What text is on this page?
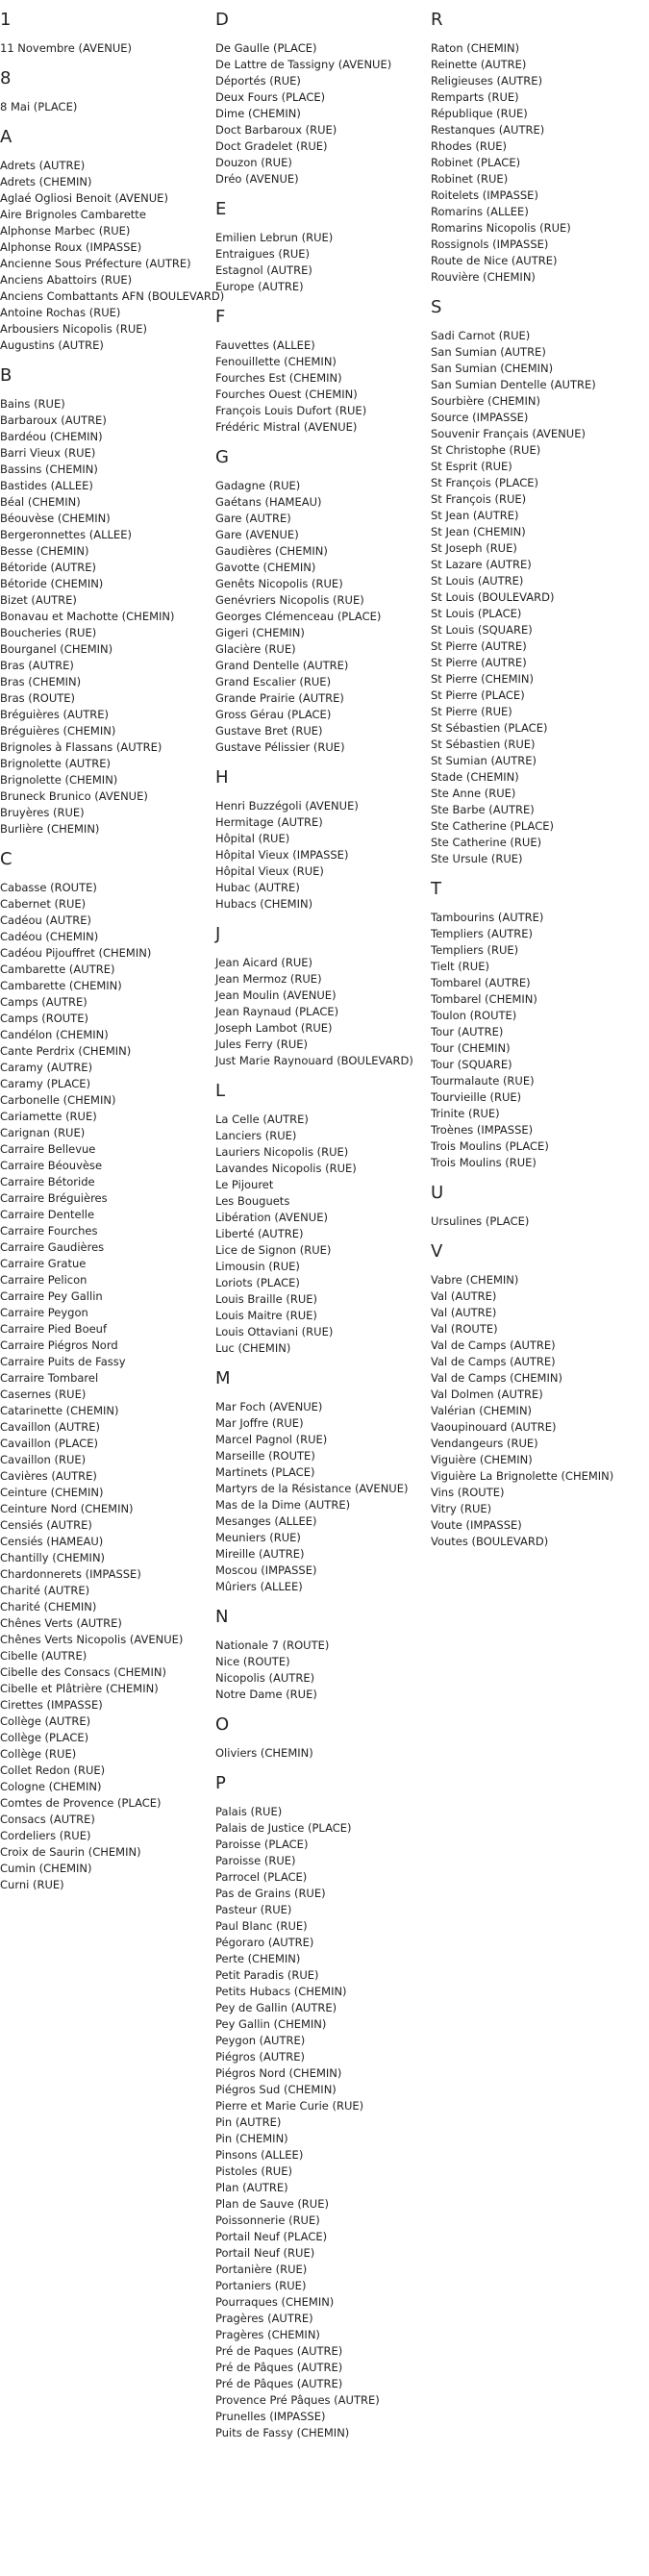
1
11 Novembre (AVENUE)
8
8 Mai (PLACE)
A
Adrets (AUTRE)
Adrets (CHEMIN)
Aglaé Ogliosi Benoit (AVENUE)
Aire Brignoles Cambarette
Alphonse Marbec (RUE)
Alphonse Roux (IMPASSE)
Ancienne Sous Préfecture (AUTRE)
Anciens Abattoirs (RUE)
Anciens Combattants AFN (BOULEVARD)
Antoine Rochas (RUE)
Arbousiers Nicopolis (RUE)
Augustins (AUTRE)
B
Bains (RUE)
Barbaroux (AUTRE)
Bardéou (CHEMIN)
Barri Vieux (RUE)
Bassins (CHEMIN)
Bastides (ALLEE)
Béal (CHEMIN)
Béouvèse (CHEMIN)
Bergeronnettes (ALLEE)
Besse (CHEMIN)
Bétoride (AUTRE)
Bétoride (CHEMIN)
Bizet (AUTRE)
Bonavau et Machotte (CHEMIN)
Boucheries (RUE)
Bourganel (CHEMIN)
Bras (AUTRE)
Bras (CHEMIN)
Bras (ROUTE)
Bréguières (AUTRE)
Bréguières (CHEMIN)
Brignoles à Flassans (AUTRE)
Brignolette (AUTRE)
Brignolette (CHEMIN)
Bruneck Brunico (AVENUE)
Bruyères (RUE)
Burlière (CHEMIN)
C
Cabasse (ROUTE)
Cabernet (RUE)
Cadéou (AUTRE)
Cadéou (CHEMIN)
Cadéou Pijouffret (CHEMIN)
Cambarette (AUTRE)
Cambarette (CHEMIN)
Camps (AUTRE)
Camps (ROUTE)
Candélon (CHEMIN)
Cante Perdrix (CHEMIN)
Caramy (AUTRE)
Caramy (PLACE)
Carbonelle (CHEMIN)
Cariamette (RUE)
Carignan (RUE)
Carraire Bellevue
Carraire Béouvèse
Carraire Bétoride
Carraire Bréguières
Carraire Dentelle
Carraire Fourches
Carraire Gaudières
Carraire Gratue
Carraire Pelicon
Carraire Pey Gallin
Carraire Peygon
Carraire Pied Boeuf
Carraire Piégros Nord
Carraire Puits de Fassy
Carraire Tombarel
Casernes (RUE)
Catarinette (CHEMIN)
Cavaillon (AUTRE)
Cavaillon (PLACE)
Cavaillon (RUE)
Cavières (AUTRE)
Ceinture (CHEMIN)
Ceinture Nord (CHEMIN)
Censiés (AUTRE)
Censiés (HAMEAU)
Chantilly (CHEMIN)
Chardonnerets (IMPASSE)
Charité (AUTRE)
Charité (CHEMIN)
Chênes Verts (AUTRE)
Chênes Verts Nicopolis (AVENUE)
Cibelle (AUTRE)
Cibelle des Consacs (CHEMIN)
Cibelle et Plâtrière (CHEMIN)
Cirettes (IMPASSE)
Collège (AUTRE)
Collège (PLACE)
Collège (RUE)
Collet Redon (RUE)
Cologne (CHEMIN)
Comtes de Provence (PLACE)
Consacs (AUTRE)
Cordeliers (RUE)
Croix de Saurin (CHEMIN)
Cumin (CHEMIN)
Curni (RUE)
D
De Gaulle (PLACE)
De Lattre de Tassigny (AVENUE)
Déportés (RUE)
Deux Fours (PLACE)
Dime (CHEMIN)
Doct Barbaroux (RUE)
Doct Gradelet (RUE)
Douzon (RUE)
Dréo (AVENUE)
E
Emilien Lebrun (RUE)
Entraigues (RUE)
Estagnol (AUTRE)
Europe (AUTRE)
F
Fauvettes (ALLEE)
Fenouillette (CHEMIN)
Fourches Est (CHEMIN)
Fourches Ouest (CHEMIN)
François Louis Dufort (RUE)
Frédéric Mistral (AVENUE)
G
Gadagne (RUE)
Gaétans (HAMEAU)
Gare (AUTRE)
Gare (AVENUE)
Gaudières (CHEMIN)
Gavotte (CHEMIN)
Genêts Nicopolis (RUE)
Genévriers Nicopolis (RUE)
Georges Clémenceau (PLACE)
Gigeri (CHEMIN)
Glacière (RUE)
Grand Dentelle (AUTRE)
Grand Escalier (RUE)
Grande Prairie (AUTRE)
Gross Gérau (PLACE)
Gustave Bret (RUE)
Gustave Pélissier (RUE)
H
Henri Buzzégoli (AVENUE)
Hermitage (AUTRE)
Hôpital (RUE)
Hôpital Vieux (IMPASSE)
Hôpital Vieux (RUE)
Hubac (AUTRE)
Hubacs (CHEMIN)
J
Jean Aicard (RUE)
Jean Mermoz (RUE)
Jean Moulin (AVENUE)
Jean Raynaud (PLACE)
Joseph Lambot (RUE)
Jules Ferry (RUE)
Just Marie Raynouard (BOULEVARD)
L
La Celle (AUTRE)
Lanciers (RUE)
Lauriers Nicopolis (RUE)
Lavandes Nicopolis (RUE)
Le Pijouret
Les Bouguets
Libération (AVENUE)
Liberté (AUTRE)
Lice de Signon (RUE)
Limousin (RUE)
Loriots (PLACE)
Louis Braille (RUE)
Louis Maitre (RUE)
Louis Ottaviani (RUE)
Luc (CHEMIN)
M
Mar Foch (AVENUE)
Mar Joffre (RUE)
Marcel Pagnol (RUE)
Marseille (ROUTE)
Martinets (PLACE)
Martyrs de la Résistance (AVENUE)
Mas de la Dime (AUTRE)
Mesanges (ALLEE)
Meuniers (RUE)
Mireille (AUTRE)
Moscou (IMPASSE)
Mûriers (ALLEE)
N
Nationale 7 (ROUTE)
Nice (ROUTE)
Nicopolis (AUTRE)
Notre Dame (RUE)
O
Oliviers (CHEMIN)
P
Palais (RUE)
Palais de Justice (PLACE)
Paroisse (PLACE)
Paroisse (RUE)
Parrocel (PLACE)
Pas de Grains (RUE)
Pasteur (RUE)
Paul Blanc (RUE)
Pégoraro (AUTRE)
Perte (CHEMIN)
Petit Paradis (RUE)
Petits Hubacs (CHEMIN)
Pey de Gallin (AUTRE)
Pey Gallin (CHEMIN)
Peygon (AUTRE)
Piégros (AUTRE)
Piégros Nord (CHEMIN)
Piégros Sud (CHEMIN)
Pierre et Marie Curie (RUE)
Pin (AUTRE)
Pin (CHEMIN)
Pinsons (ALLEE)
Pistoles (RUE)
Plan (AUTRE)
Plan de Sauve (RUE)
Poissonnerie (RUE)
Portail Neuf (PLACE)
Portail Neuf (RUE)
Portanière (RUE)
Portaniers (RUE)
Pourraques (CHEMIN)
Pragères (AUTRE)
Pragères (CHEMIN)
Pré de Paques (AUTRE)
Pré de Pâques (AUTRE)
Pré de Pâques (AUTRE)
Provence Pré Pâques (AUTRE)
Prunelles (IMPASSE)
Puits de Fassy (CHEMIN)
R
Raton (CHEMIN)
Reinette (AUTRE)
Religieuses (AUTRE)
Remparts (RUE)
République (RUE)
Restanques (AUTRE)
Rhodes (RUE)
Robinet (PLACE)
Robinet (RUE)
Roitelets (IMPASSE)
Romarins (ALLEE)
Romarins Nicopolis (RUE)
Rossignols (IMPASSE)
Route de Nice (AUTRE)
Rouvière (CHEMIN)
S
Sadi Carnot (RUE)
San Sumian (AUTRE)
San Sumian (CHEMIN)
San Sumian Dentelle (AUTRE)
Sourbière (CHEMIN)
Source (IMPASSE)
Souvenir Français (AVENUE)
St Christophe (RUE)
St Esprit (RUE)
St François (PLACE)
St François (RUE)
St Jean (AUTRE)
St Jean (CHEMIN)
St Joseph (RUE)
St Lazare (AUTRE)
St Louis (AUTRE)
St Louis (BOULEVARD)
St Louis (PLACE)
St Louis (SQUARE)
St Pierre (AUTRE)
St Pierre (AUTRE)
St Pierre (CHEMIN)
St Pierre (PLACE)
St Pierre (RUE)
St Sébastien (PLACE)
St Sébastien (RUE)
St Sumian (AUTRE)
Stade (CHEMIN)
Ste Anne (RUE)
Ste Barbe (AUTRE)
Ste Catherine (PLACE)
Ste Catherine (RUE)
Ste Ursule (RUE)
T
Tambourins (AUTRE)
Templiers (AUTRE)
Templiers (RUE)
Tielt (RUE)
Tombarel (AUTRE)
Tombarel (CHEMIN)
Toulon (ROUTE)
Tour (AUTRE)
Tour (CHEMIN)
Tour (SQUARE)
Tourmalaute (RUE)
Tourvieille (RUE)
Trinite (RUE)
Troènes (IMPASSE)
Trois Moulins (PLACE)
Trois Moulins (RUE)
U
Ursulines (PLACE)
V
Vabre (CHEMIN)
Val (AUTRE)
Val (AUTRE)
Val (ROUTE)
Val de Camps (AUTRE)
Val de Camps (AUTRE)
Val de Camps (CHEMIN)
Val Dolmen (AUTRE)
Valérian (CHEMIN)
Vaoupinouard (AUTRE)
Vendangeurs (RUE)
Viguière (CHEMIN)
Viguière La Brignolette (CHEMIN)
Vins (ROUTE)
Vitry (RUE)
Voute (IMPASSE)
Voutes (BOULEVARD)
